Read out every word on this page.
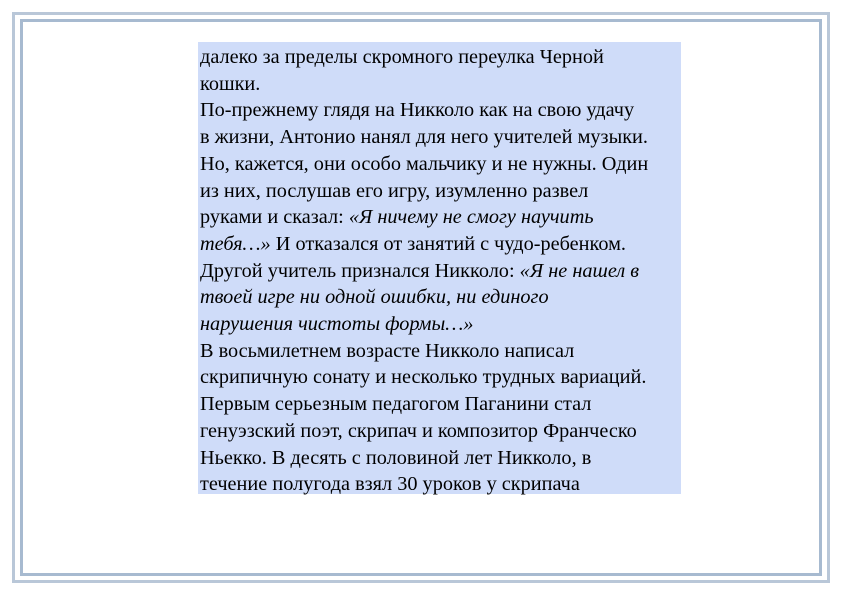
далеко за пределы скромного переулка Черной
кошки.
По-прежнему глядя на Никколо как на свою удачу
в жизни, Антонио нанял для него учителей музыки.
Но, кажется, они особо мальчику и не нужны. Один
из них, послушав его игру, изумленно развел
руками и сказал: «Я ничему не смогу научить
тебя…» И отказался от занятий с чудо-ребенком.
Другой учитель признался Никколо: «Я не нашел в
твоей игре ни одной ошибки, ни единого
нарушения чистоты формы…»
В восьмилетнем возрасте Никколо написал
скрипичную сонату и несколько трудных вариаций.
Первым серьезным педагогом Паганини стал
генуэзский поэт, скрипач и композитор Франческо
Ньекко. В десять с половиной лет Никколо, в
течение полугода взял 30 уроков у скрипача
